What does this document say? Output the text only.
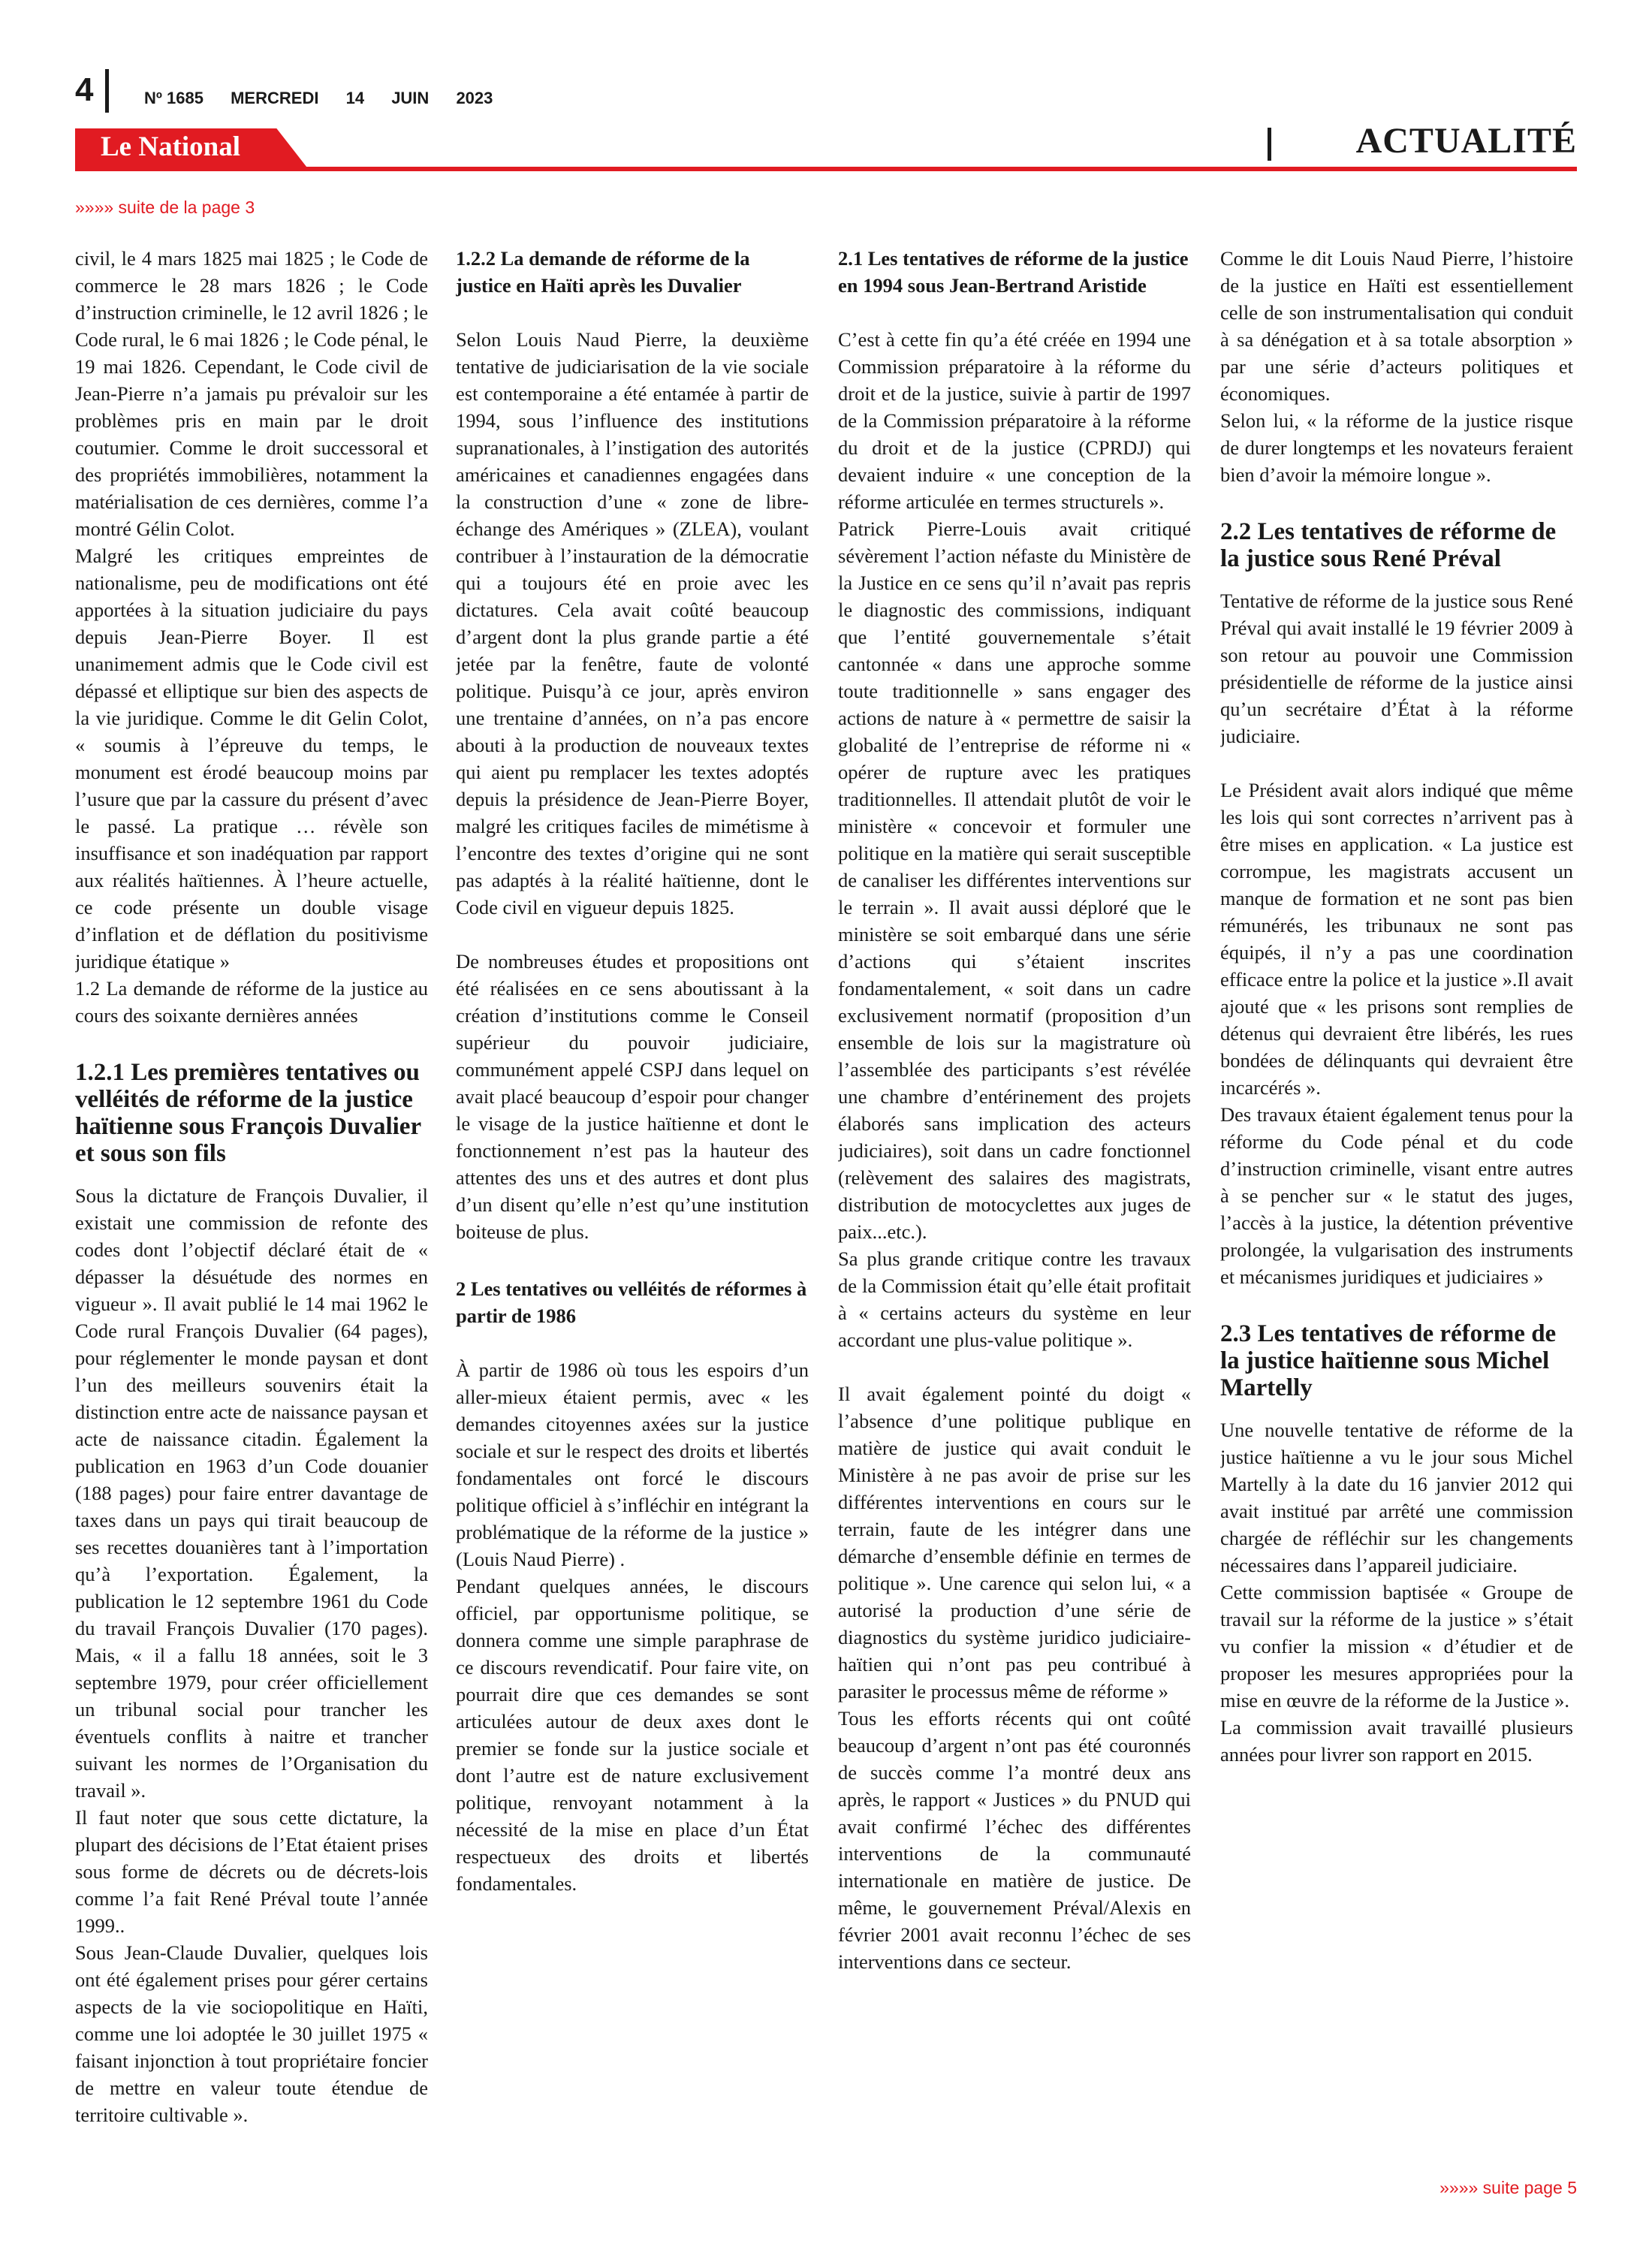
4	Nº 1685 MERCREDI 14 JUIN 2023
Le National	ACTUALITÉ
»»»» suite de la page 3

civil, le 4 mars 1825 mai 1825 ; le Code de commerce le 28 mars 1826 ; le Code d’instruction criminelle, le 12 avril 1826 ; le Code rural, le 6 mai 1826 ; le Code pénal, le 19 mai 1826. Cependant, le Code civil de Jean-Pierre n’a jamais pu prévaloir sur les problèmes pris en main par le droit coutumier. Comme le droit successoral et des propriétés immobilières, notamment la matérialisation de ces dernières, comme l’a montré Gélin Colot.

Malgré les critiques empreintes de nationalisme, peu de modifications ont été apportées à la situation judiciaire du pays depuis Jean-Pierre Boyer. Il est unanimement admis que le Code civil est dépassé et elliptique sur bien des aspects de la vie juridique. Comme le dit Gelin Colot, « soumis à l’épreuve du temps, le monument est érodé beaucoup moins par l’usure que par la cassure du présent d’avec le passé. La pratique … révèle son insuffisance et son inadéquation par rapport aux réalités haïtiennes. À l’heure actuelle, ce code présente un double visage d’inflation et de déflation du positivisme juridique étatique »

1.2 La demande de réforme de la justice au cours des soixante dernières années

1.2.1 Les premières tentatives ou velléités de réforme de la justice haïtienne sous François Duvalier et sous son fils

Sous la dictature de François Duvalier, il existait une commission de refonte des codes dont l’objectif déclaré était de « dépasser la désuétude des normes en vigueur ». Il avait publié le 14 mai 1962 le Code rural François Duvalier (64 pages), pour réglementer le monde paysan et dont l’un des meilleurs souvenirs était la distinction entre acte de naissance paysan et acte de naissance citadin. Également la publication en 1963 d’un Code douanier (188 pages) pour faire entrer davantage de taxes dans un pays qui tirait beaucoup de ses recettes douanières tant à l’importation qu’à l’exportation. Également, la publication le 12 septembre 1961 du Code du travail François Duvalier (170 pages). Mais, « il a fallu 18 années, soit le 3 septembre 1979, pour créer officiellement un tribunal social pour trancher les éventuels conflits à naitre et trancher suivant les normes de l’Organisation du travail ».

Il faut noter que sous cette dictature, la plupart des décisions de l’Etat étaient prises sous forme de décrets ou de décrets-lois comme l’a fait René Préval toute l’année 1999..

Sous Jean-Claude Duvalier, quelques lois ont été également prises pour gérer certains aspects de la vie sociopolitique en Haïti, comme une loi adoptée le 30 juillet 1975 « faisant injonction à tout propriétaire foncier de mettre en valeur toute étendue de territoire cultivable ».

1.2.2 La demande de réforme de la justice en Haïti après les Duvalier

Selon Louis Naud Pierre, la deuxième tentative de judiciarisation de la vie sociale est contemporaine a été entamée à partir de 1994, sous l’influence des institutions supranationales, à l’instigation des autorités américaines et canadiennes engagées dans la construction d’une « zone de libre-échange des Amériques » (ZLEA), voulant contribuer à l’instauration de la démocratie qui a toujours été en proie avec les dictatures. Cela avait coûté beaucoup d’argent dont la plus grande partie a été jetée par la fenêtre, faute de volonté politique. Puisqu’à ce jour, après environ une trentaine d’années, on n’a pas encore abouti à la production de nouveaux textes qui aient pu remplacer les textes adoptés depuis la présidence de Jean-Pierre Boyer, malgré les critiques faciles de mimétisme à l’encontre des textes d’origine qui ne sont pas adaptés à la réalité haïtienne, dont le Code civil en vigueur depuis 1825.

De nombreuses études et propositions ont été réalisées en ce sens aboutissant à la création d’institutions comme le Conseil supérieur du pouvoir judiciaire, communément appelé CSPJ dans lequel on avait placé beaucoup d’espoir pour changer le visage de la justice haïtienne et dont le fonctionnement n’est pas la hauteur des attentes des uns et des autres et dont plus d’un disent qu’elle n’est qu’une institution boiteuse de plus.

2 Les tentatives ou velléités de réformes à partir de 1986

À partir de 1986 où tous les espoirs d’un aller-mieux étaient permis, avec « les demandes citoyennes axées sur la justice sociale et sur le respect des droits et libertés fondamentales ont forcé le discours politique officiel à s’infléchir en intégrant la problématique de la réforme de la justice » (Louis Naud Pierre) .

Pendant quelques années, le discours officiel, par opportunisme politique, se donnera comme une simple paraphrase de ce discours revendicatif. Pour faire vite, on pourrait dire que ces demandes se sont articulées autour de deux axes dont le premier se fonde sur la justice sociale et dont l’autre est de nature exclusivement politique, renvoyant notamment à la nécessité de la mise en place d’un État respectueux des droits et libertés fondamentales.

2.1 Les tentatives de réforme de la justice en 1994 sous Jean-Bertrand Aristide

C’est à cette fin qu’a été créée en 1994 une Commission préparatoire à la réforme du droit et de la justice, suivie à partir de 1997 de la Commission préparatoire à la réforme du droit et de la justice (CPRDJ) qui devaient induire « une conception de la réforme articulée en termes structurels ».

Patrick Pierre-Louis avait critiqué sévèrement l’action néfaste du Ministère de la Justice en ce sens qu’il n’avait pas repris le diagnostic des commissions, indiquant que l’entité gouvernementale s’était cantonnée « dans une approche somme toute traditionnelle » sans engager des actions de nature à « permettre de saisir la globalité de l’entreprise de réforme ni « opérer de rupture avec les pratiques traditionnelles. Il attendait plutôt de voir le ministère « concevoir et formuler une politique en la matière qui serait susceptible de canaliser les différentes interventions sur le terrain ». Il avait aussi déploré que le ministère se soit embarqué dans une série d’actions qui s’étaient inscrites fondamentalement, « soit dans un cadre exclusivement normatif (proposition d’un ensemble de lois sur la magistrature où l’assemblée des participants s’est révélée une chambre d’entérinement des projets élaborés sans implication des acteurs judiciaires), soit dans un cadre fonctionnel (relèvement des salaires des magistrats, distribution de motocyclettes aux juges de paix...etc.).

Sa plus grande critique contre les travaux de la Commission était qu’elle était profitait à « certains acteurs du système en leur accordant une plus-value politique ».

Il avait également pointé du doigt « l’absence d’une politique publique en matière de justice qui avait conduit le Ministère à ne pas avoir de prise sur les différentes interventions en cours sur le terrain, faute de les intégrer dans une démarche d’ensemble définie en termes de politique ». Une carence qui selon lui, « a autorisé la production d’une série de diagnostics du système juridico judiciaire- haïtien qui n’ont pas peu contribué à parasiter le processus même de réforme »

Tous les efforts récents qui ont coûté beaucoup d’argent n’ont pas été couronnés de succès comme l’a montré deux ans après, le rapport « Justices » du PNUD qui avait confirmé l’échec des différentes interventions de la communauté internationale en matière de justice. De même, le gouvernement Préval/Alexis en février 2001 avait reconnu l’échec de ses interventions dans ce secteur.

Comme le dit Louis Naud Pierre, l’histoire de la justice en Haïti est essentiellement celle de son instrumentalisation qui conduit à sa dénégation et à sa totale absorption » par une série d’acteurs politiques et économiques.

Selon lui, « la réforme de la justice risque de durer longtemps et les novateurs feraient bien d’avoir la mémoire longue ».

2.2 Les tentatives de réforme de la justice sous René Préval

Tentative de réforme de la justice sous René Préval qui avait installé le 19 février 2009 à son retour au pouvoir une Commission présidentielle de réforme de la justice ainsi qu’un secrétaire d’État à la réforme judiciaire.

Le Président avait alors indiqué que même les lois qui sont correctes n’arrivent pas à être mises en application. « La justice est corrompue, les magistrats accusent un manque de formation et ne sont pas bien rémunérés, les tribunaux ne sont pas équipés, il n’y a pas une coordination efficace entre la police et la justice ».Il avait ajouté que « les prisons sont remplies de détenus qui devraient être libérés, les rues bondées de délinquants qui devraient être incarcérés ».

Des travaux étaient également tenus pour la réforme du Code pénal et du code d’instruction criminelle, visant entre autres à se pencher sur « le statut des juges, l’accès à la justice, la détention préventive prolongée, la vulgarisation des instruments et mécanismes juridiques et judiciaires »

2.3 Les tentatives de réforme de la justice haïtienne sous Michel Martelly

Une nouvelle tentative de réforme de la justice haïtienne a vu le jour sous Michel Martelly à la date du 16 janvier 2012 qui avait institué par arrêté une commission chargée de réfléchir sur les changements nécessaires dans l’appareil judiciaire.

Cette commission baptisée « Groupe de travail sur la réforme de la justice » s’était vu confier la mission « d’étudier et de proposer les mesures appropriées pour la mise en œuvre de la réforme de la Justice ».

La commission avait travaillé plusieurs années pour livrer son rapport en 2015.

»»»» suite page 5
